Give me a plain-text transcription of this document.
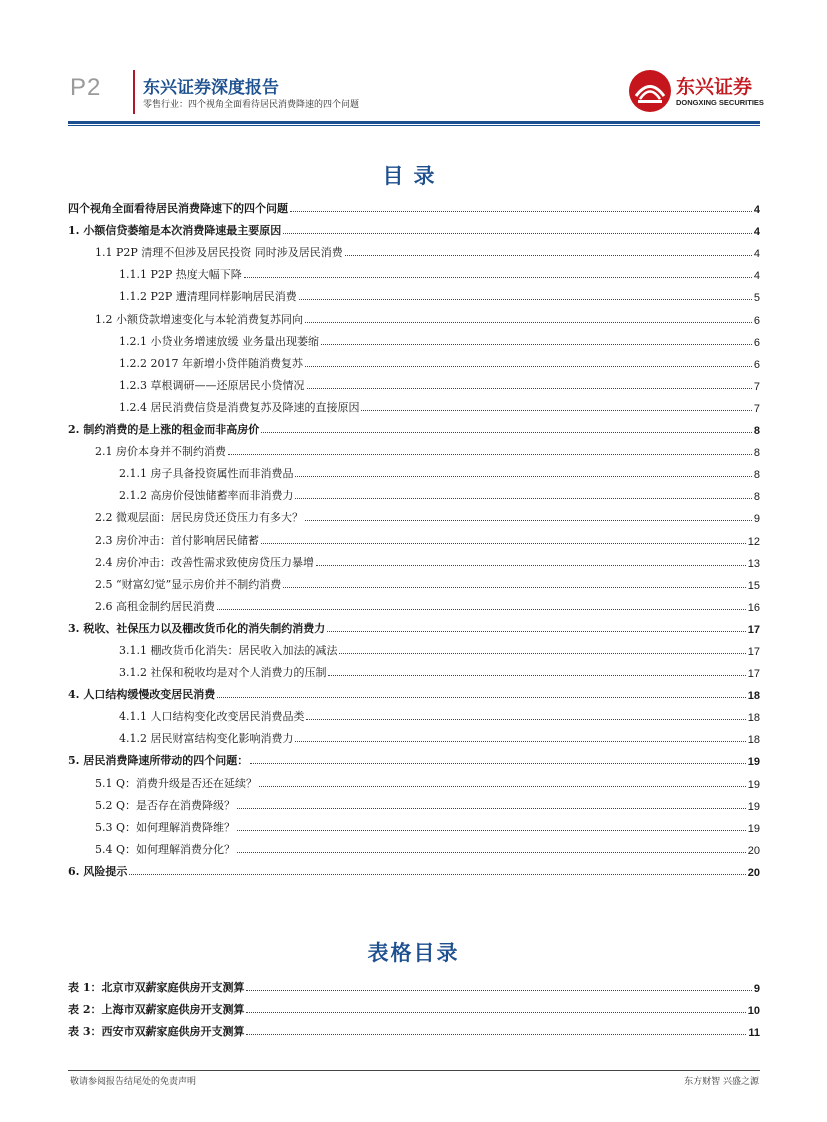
P2 东兴证券深度报告
零售行业：四个视角全面看待居民消费降速的四个问题
东兴证券
DONGXING SECURITIES
目录
四个视角全面看待居民消费降速下的四个问题	4
1. 小额信贷萎缩是本次消费降速最主要原因	4
1.1 P2P 清理不但涉及居民投资 同时涉及居民消费	4
1.1.1 P2P 热度大幅下降	4
1.1.2 P2P 遭清理同样影响居民消费	5
1.2 小额贷款增速变化与本轮消费复苏同向	6
1.2.1 小贷业务增速放缓 业务量出现萎缩	6
1.2.2 2017 年新增小贷伴随消费复苏	6
1.2.3 草根调研——还原居民小贷情况	7
1.2.4 居民消费信贷是消费复苏及降速的直接原因	7
2. 制约消费的是上涨的租金而非高房价	8
2.1 房价本身并不制约消费	8
2.1.1 房子具备投资属性而非消费品	8
2.1.2 高房价侵蚀储蓄率而非消费力	8
2.2 微观层面：居民房贷还贷压力有多大？	9
2.3 房价冲击：首付影响居民储蓄	12
2.4 房价冲击：改善性需求致使房贷压力暴增	13
2.5 “财富幻觉”显示房价并不制约消费	15
2.6 高租金制约居民消费	16
3. 税收、社保压力以及棚改货币化的消失制约消费力	17
3.1.1 棚改货币化消失：居民收入加法的减法	17
3.1.2 社保和税收均是对个人消费力的压制	17
4. 人口结构缓慢改变居民消费	18
4.1.1 人口结构变化改变居民消费品类	18
4.1.2 居民财富结构变化影响消费力	18
5. 居民消费降速所带动的四个问题：	19
5.1 Q：消费升级是否还在延续？	19
5.2 Q：是否存在消费降级？	19
5.3 Q：如何理解消费降维？	19
5.4 Q：如何理解消费分化？	20
6. 风险提示	20
表格目录
表 1：北京市双薪家庭供房开支测算	9
表 2：上海市双薪家庭供房开支测算	10
表 3：西安市双薪家庭供房开支测算	11
敬请参阅报告结尾处的免责声明	东方财智 兴盛之源
